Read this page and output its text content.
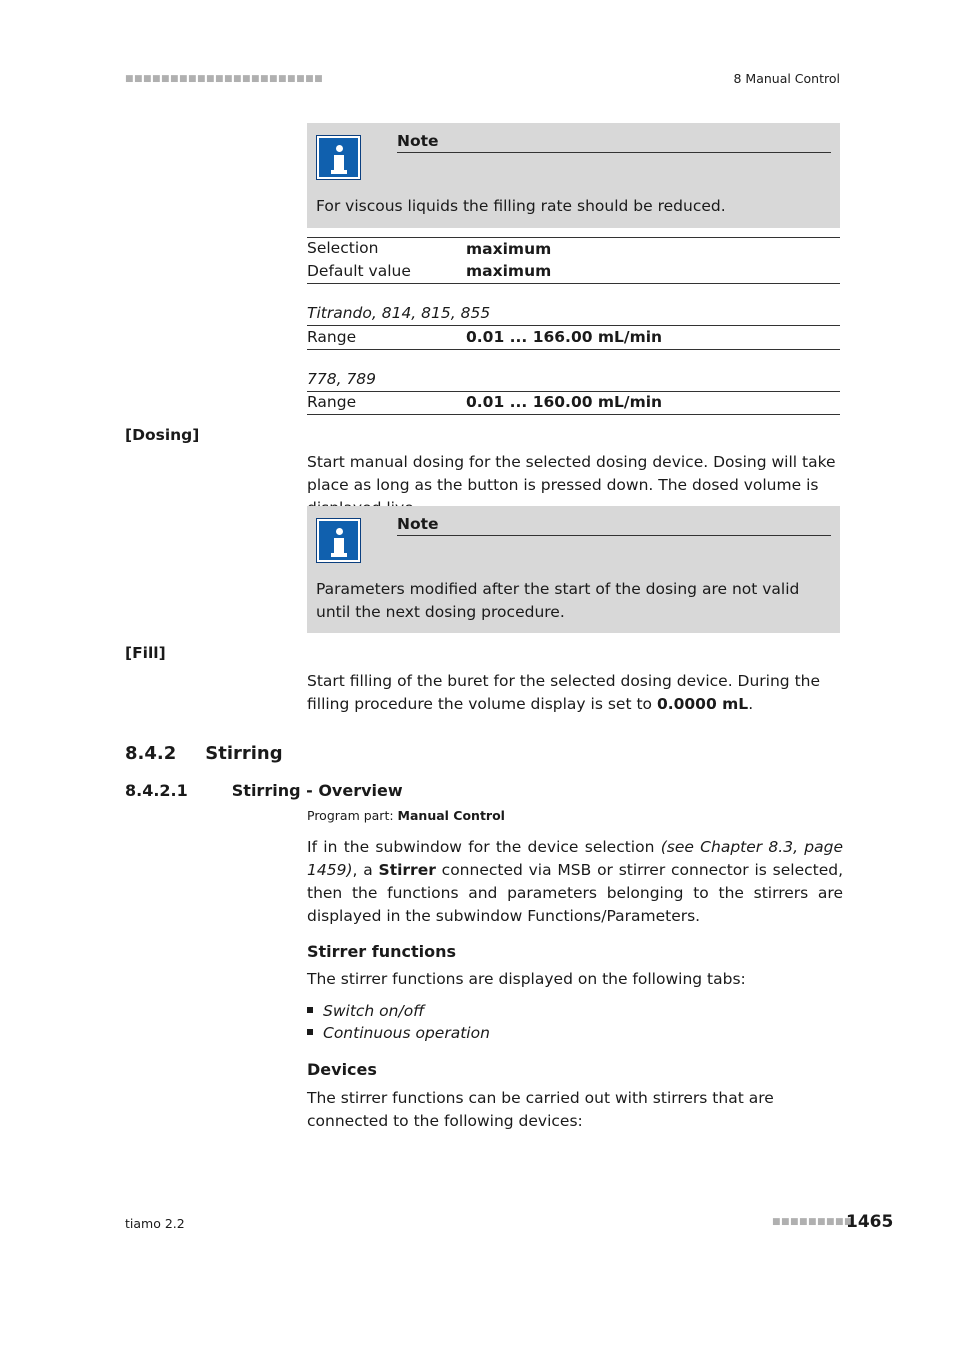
■■■■■■■■■■■■■■■■■■■■■■	8 Manual Control
Note
For viscous liquids the filling rate should be reduced.
Selection	maximum
Default value	maximum
Titrando, 814, 815, 855
Range	0.01 ... 166.00 mL/min
778, 789
Range	0.01 ... 160.00 mL/min
[Dosing]
Start manual dosing for the selected dosing device. Dosing will take place as long as the button is pressed down. The dosed volume is
Note
Parameters modified after the start of the dosing are not valid until the next dosing procedure.
[Fill]
Start filling of the buret for the selected dosing device. During the filling procedure the volume display is set to 0.0000 mL.
8.4.2 Stirring
8.4.2.1	Stirring - Overview
Program part: Manual Control
If in the subwindow for the device selection (see Chapter 8.3, page 1459), a Stirrer connected via MSB or stirrer connector is selected, then the functions and parameters belonging to the stirrers are displayed in the subwindow Functions/Parameters.
Stirrer functions
The stirrer functions are displayed on the following tabs:
Switch on/off
Continuous operation
Devices
The stirrer functions can be carried out with stirrers that are connected to the following devices:
tiamo 2.2	■■■■■■■■■
1465
